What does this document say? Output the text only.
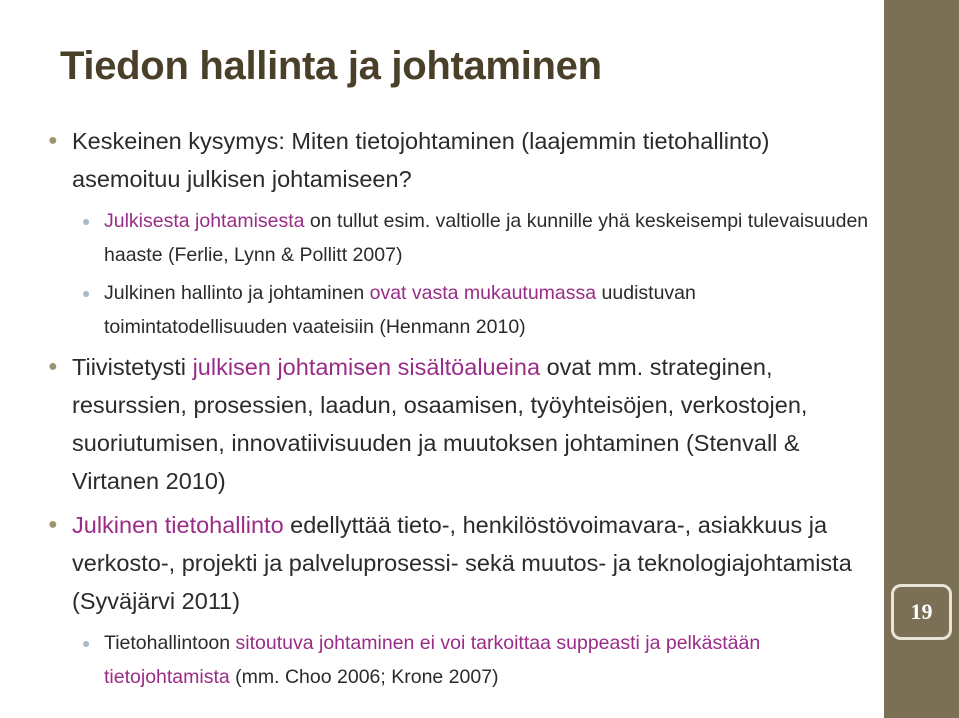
Tiedon hallinta ja johtaminen
● Keskeinen kysymys: Miten tietojohtaminen (laajemmin tietohallinto) asemoituu julkisen johtamiseen?
● Julkisesta johtamisesta on tullut esim. valtiolle ja kunnille yhä keskeisempi tulevaisuuden haaste (Ferlie, Lynn & Pollitt 2007)
● Julkinen hallinto ja johtaminen ovat vasta mukautumassa uudistuvan toimintatodellisuuden vaateisiin (Henmann 2010)
● Tiivistetysti julkisen johtamisen sisältöalueina ovat mm. strateginen, resurssien, prosessien, laadun, osaamisen, työyhteisöjen, verkostojen, suoriutumisen, innovatiivisuuden ja muutoksen johtaminen (Stenvall & Virtanen 2010)
● Julkinen tietohallinto edellyttää tieto-, henkilöstövoimavara-, asiakkuus ja verkosto-, projekti ja palveluprosessi- sekä muutos- ja teknologiajohtamista (Syväjärvi 2011)
● Tietohallintoon sitoutuva johtaminen ei voi tarkoittaa suppeasti ja pelkästään tietojohtamista (mm. Choo 2006; Krone 2007)
19
